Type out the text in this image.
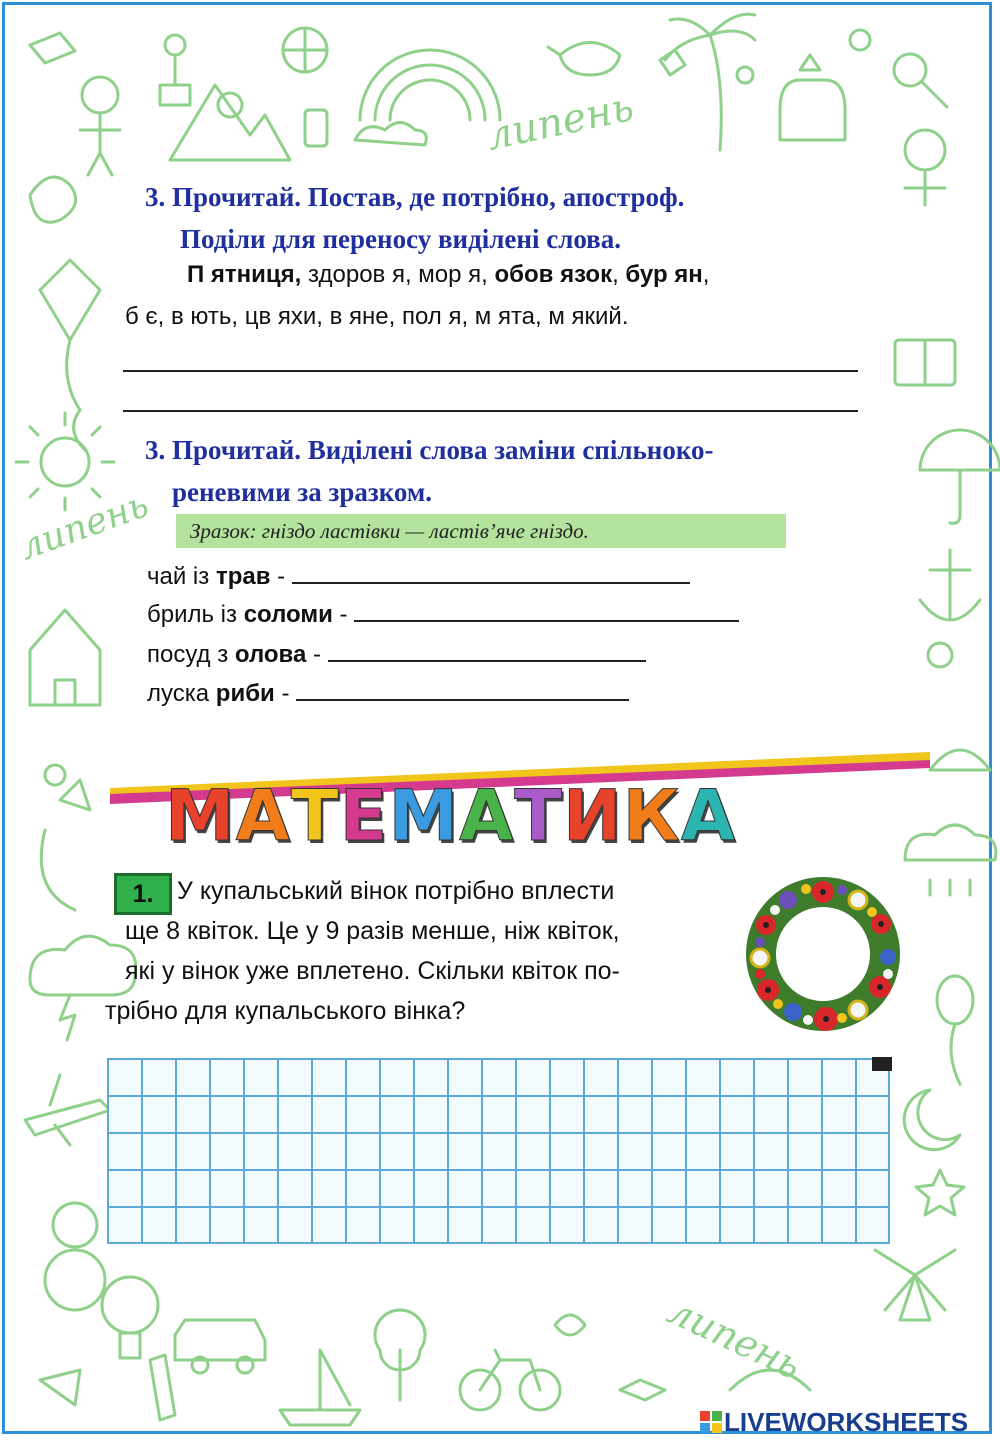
липень
липень
липень
3. Прочитай. Постав, де потрібно, апостроф.
Поділи для переносу виділені слова.
П ятниця, здоров я, мор я, обов язок, бур ян,
б є, в ють, цв яхи, в яне, пол я, м ята, м який.
3. Прочитай. Виділені слова заміни спільноко-
реневими за зразком.
Зразок: гніздо ластівки — ластів’яче гніздо.
чай із трав -
бриль із соломи -
посуд з олова -
луска риби -
МАТЕМАТИКА
1. У купальський вінок потрібно вплести
ще 8 квіток. Це у 9 разів менше, ніж квіток,
які у вінок уже вплетено. Скільки квіток по-
трібно для купальського вінка?
LIVEWORKSHEETS
